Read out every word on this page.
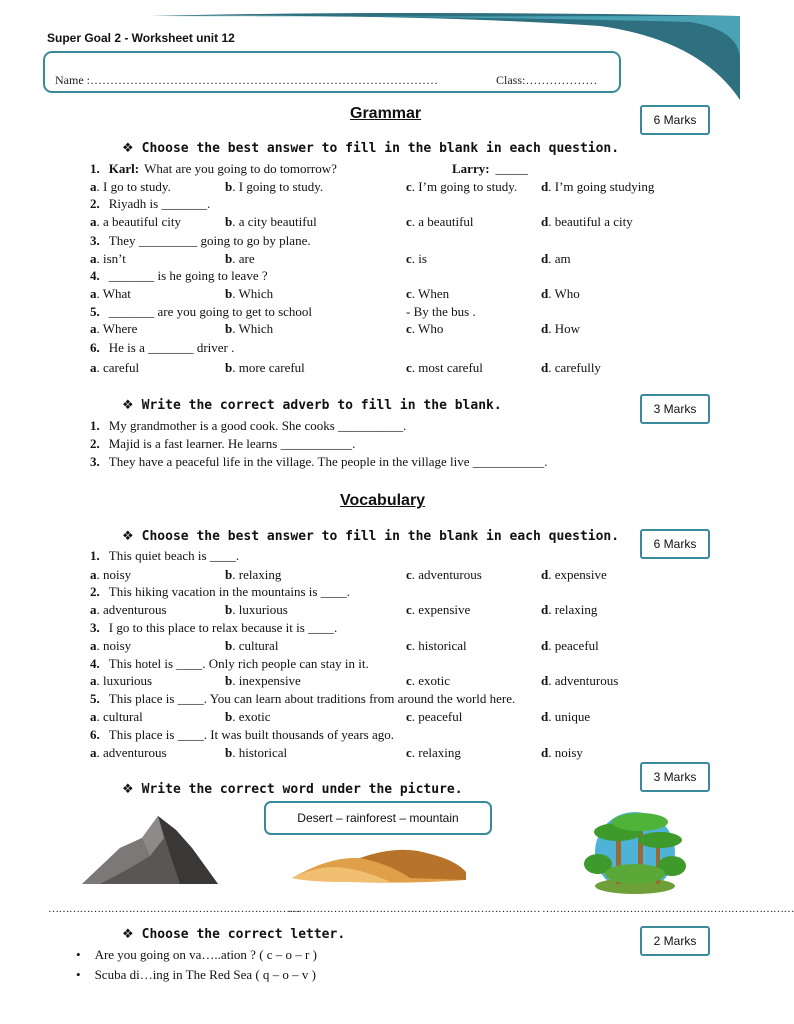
Super Goal 2 - Worksheet unit 12
Name :……………………………………………………………………………	Class:………………
Grammar	6 Marks
❖ Choose the best answer to fill in the blank in each question.
1. Karl: What are you going to do tomorrow?	Larry: _____
a. I go to study.	b. I going to study.	c. I’m going to study. d. I’m going studying
2. Riyadh is _______.
a. a beautiful city	b. a city beautiful	c. a beautiful	d. beautiful a city
3. They _________ going to go by plane.
a. isn’t	b. are	c. is	d. am
4. _______ is he going to leave ?
a. What	b. Which	c. When	d. Who
5. _______ are you going to get to school	- By the bus .
a. Where	b. Which	c. Who	d. How
6. He is a _______ driver .
a. careful	b. more careful	c. most careful	d. carefully
❖ Write the correct adverb to fill in the blank.	3 Marks
1. My grandmother is a good cook. She cooks __________.
2. Majid is a fast learner. He learns ___________.
3. They have a peaceful life in the village. The people in the village live ___________.
Vocabulary
6 Marks
❖ Choose the best answer to fill in the blank in each question.
1. This quiet beach is ____.
a. noisy	b. relaxing	c. adventurous	d. expensive
2. This hiking vacation in the mountains is ____.
a. adventurous	b. luxurious	c. expensive	d. relaxing
3. I go to this place to relax because it is ____.
a. noisy	b. cultural	c. historical	d. peaceful
4. This hotel is ____. Only rich people can stay in it.
a. luxurious	b. inexpensive	c. exotic	d. adventurous
5. This place is ____. You can learn about traditions from around the world here.
a. cultural	b. exotic	c. peaceful	d. unique
6. This place is ____. It was built thousands of years ago.
a. adventurous	b. historical	c. relaxing	d. noisy
3 Marks
❖ Write the correct word under the picture.
Desert – rainforest – mountain
………………………………………………………………
……………………………………………………………… ………………………………………………………………
❖ Choose the correct letter.	2 Marks
• Are you going on va…..ation ? ( c – o – r )
• Scuba di…ing in The Red Sea ( q – o – v )
